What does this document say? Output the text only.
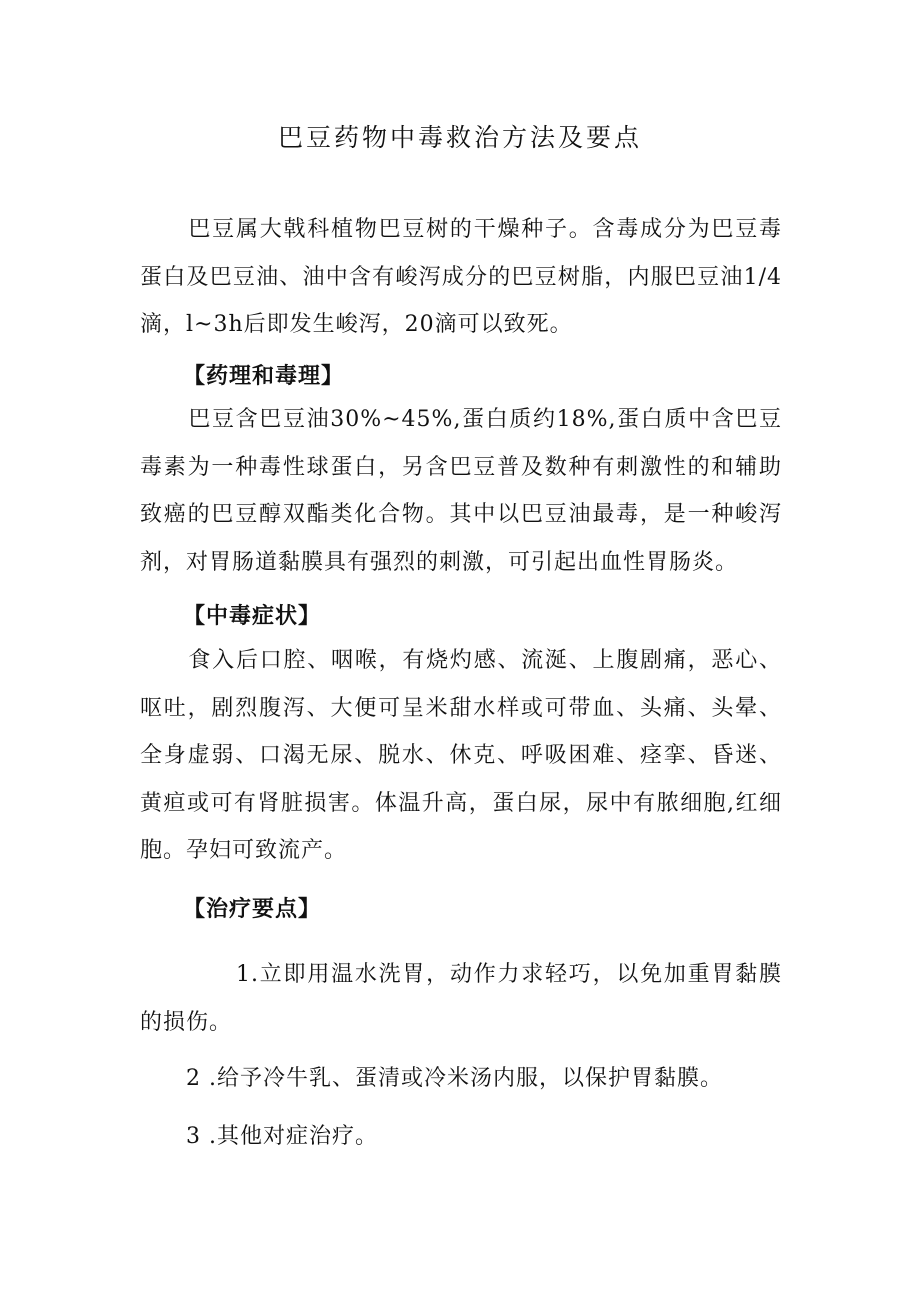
巴豆药物中毒救治方法及要点

巴豆属大戟科植物巴豆树的干燥种子。含毒成分为巴豆毒蛋白及巴豆油、油中含有峻泻成分的巴豆树脂，内服巴豆油1/4滴，l~3h后即发生峻泻，20滴可以致死。

【药理和毒理】

巴豆含巴豆油30%~45%,蛋白质约18%,蛋白质中含巴豆毒素为一种毒性球蛋白，另含巴豆普及数种有刺激性的和辅助致癌的巴豆醇双酯类化合物。其中以巴豆油最毒，是一种峻泻剂，对胃肠道黏膜具有强烈的刺激，可引起出血性胃肠炎。

【中毒症状】

食入后口腔、咽喉，有烧灼感、流涎、上腹剧痛，恶心、呕吐，剧烈腹泻、大便可呈米甜水样或可带血、头痛、头晕、全身虚弱、口渴无尿、脱水、休克、呼吸困难、痉挛、昏迷、黄疸或可有肾脏损害。体温升高，蛋白尿，尿中有脓细胞,红细胞。孕妇可致流产。

【治疗要点】

1.立即用温水洗胃，动作力求轻巧，以免加重胃黏膜的损伤。

2 .给予冷牛乳、蛋清或冷米汤内服，以保护胃黏膜。

3 .其他对症治疗。
